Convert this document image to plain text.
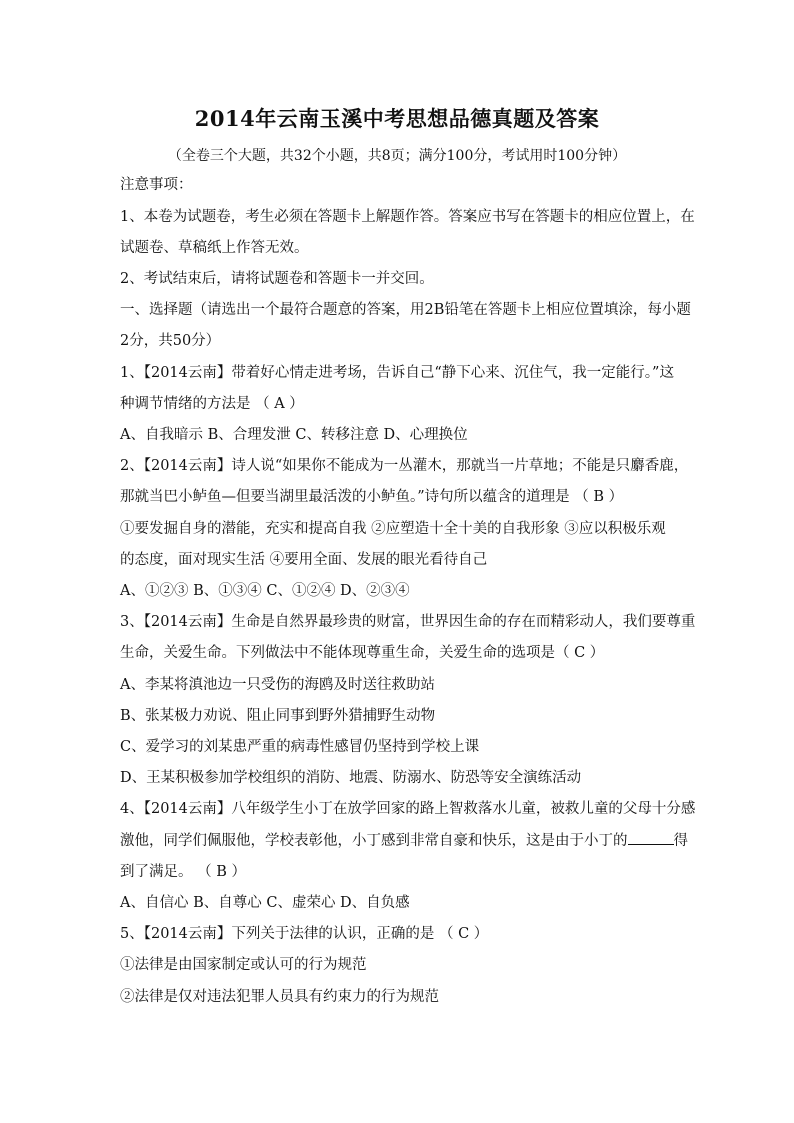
2014年云南玉溪中考思想品德真题及答案
（全卷三个大题，共32个小题，共8页；满分100分，考试用时100分钟）
注意事项：
1、本卷为试题卷，考生必须在答题卡上解题作答。答案应书写在答题卡的相应位置上，在
试题卷、草稿纸上作答无效。
2、考试结束后，请将试题卷和答题卡一并交回。
一、选择题（请选出一个最符合题意的答案，用2B铅笔在答题卡上相应位置填涂，每小题
2分，共50分）
1、【2014云南】带着好心情走进考场，告诉自己“静下心来、沉住气，我一定能行。”这
种调节情绪的方法是 （ A ）
A、自我暗示 B、合理发泄 C、转移注意 D、心理换位
2、【2014云南】诗人说“如果你不能成为一丛灌木，那就当一片草地；不能是只麝香鹿，
那就当巴小鲈鱼—但要当湖里最活泼的小鲈鱼。”诗句所以蕴含的道理是 （ B ）
①要发掘自身的潜能，充实和提高自我 ②应塑造十全十美的自我形象 ③应以积极乐观
的态度，面对现实生活 ④要用全面、发展的眼光看待自己
A、①②③ B、①③④ C、①②④ D、②③④
3、【2014云南】生命是自然界最珍贵的财富，世界因生命的存在而精彩动人，我们要尊重
生命，关爱生命。下列做法中不能体现尊重生命，关爱生命的选项是（ C ）
A、李某将滇池边一只受伤的海鸥及时送往救助站
B、张某极力劝说、阻止同事到野外猎捕野生动物
C、爱学习的刘某患严重的病毒性感冒仍坚持到学校上课
D、王某积极参加学校组织的消防、地震、防溺水、防恐等安全演练活动
4、【2014云南】八年级学生小丁在放学回家的路上智救落水儿童，被救儿童的父母十分感
激他，同学们佩服他，学校表彰他，小丁感到非常自豪和快乐，这是由于小丁的	得
到了满足。 （ B ）
A、自信心 B、自尊心 C、虚荣心 D、自负感
5、【2014云南】下列关于法律的认识，正确的是 （ C ）
①法律是由国家制定或认可的行为规范
②法律是仅对违法犯罪人员具有约束力的行为规范
